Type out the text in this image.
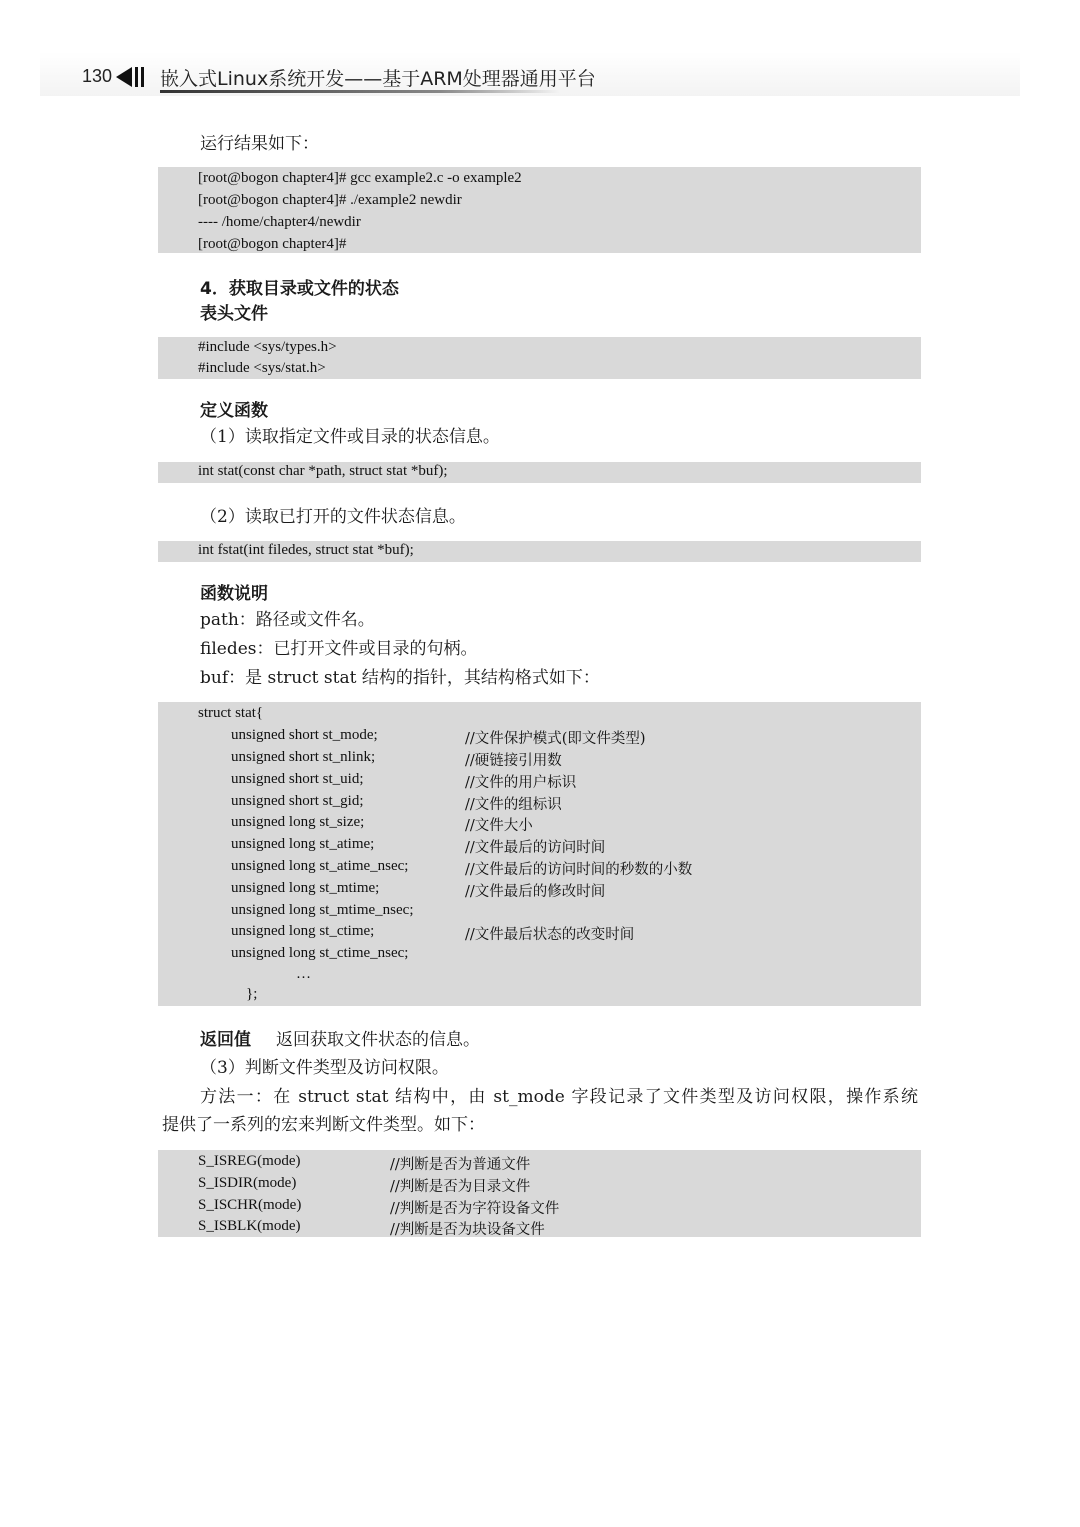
130	嵌入式Linux系统开发——基于ARM处理器通用平台
运行结果如下：
[root@bogon chapter4]# gcc example2.c -o example2
[root@bogon chapter4]# ./example2 newdir
---- /home/chapter4/newdir
[root@bogon chapter4]#
4．获取目录或文件的状态
表头文件
#include <sys/types.h>
#include <sys/stat.h>
定义函数
（1）读取指定文件或目录的状态信息。
int stat(const char *path, struct stat *buf);
（2）读取已打开的文件状态信息。
int fstat(int filedes, struct stat *buf);
函数说明
path：路径或文件名。
filedes：已打开文件或目录的句柄。
buf：是 struct stat 结构的指针，其结构格式如下：
struct stat{
unsigned short st_mode;	//文件保护模式(即文件类型)
unsigned short st_nlink;	//硬链接引用数
unsigned short st_uid;	//文件的用户标识
unsigned short st_gid;	//文件的组标识
unsigned long st_size;	//文件大小
unsigned long st_atime;	//文件最后的访问时间
unsigned long st_atime_nsec;	//文件最后的访问时间的秒数的小数
unsigned long st_mtime;	//文件最后的修改时间
unsigned long st_mtime_nsec;
unsigned long st_ctime;	//文件最后状态的改变时间
unsigned long st_ctime_nsec;
…
};
返回值 返回获取文件状态的信息。
（3）判断文件类型及访问权限。
方法一：在 struct stat 结构中，由 st_mode 字段记录了文件类型及访问权限，操作系统
提供了一系列的宏来判断文件类型。如下：
S_ISREG(mode)	//判断是否为普通文件
S_ISDIR(mode)	//判断是否为目录文件
S_ISCHR(mode)	//判断是否为字符设备文件
S_ISBLK(mode)	//判断是否为块设备文件
